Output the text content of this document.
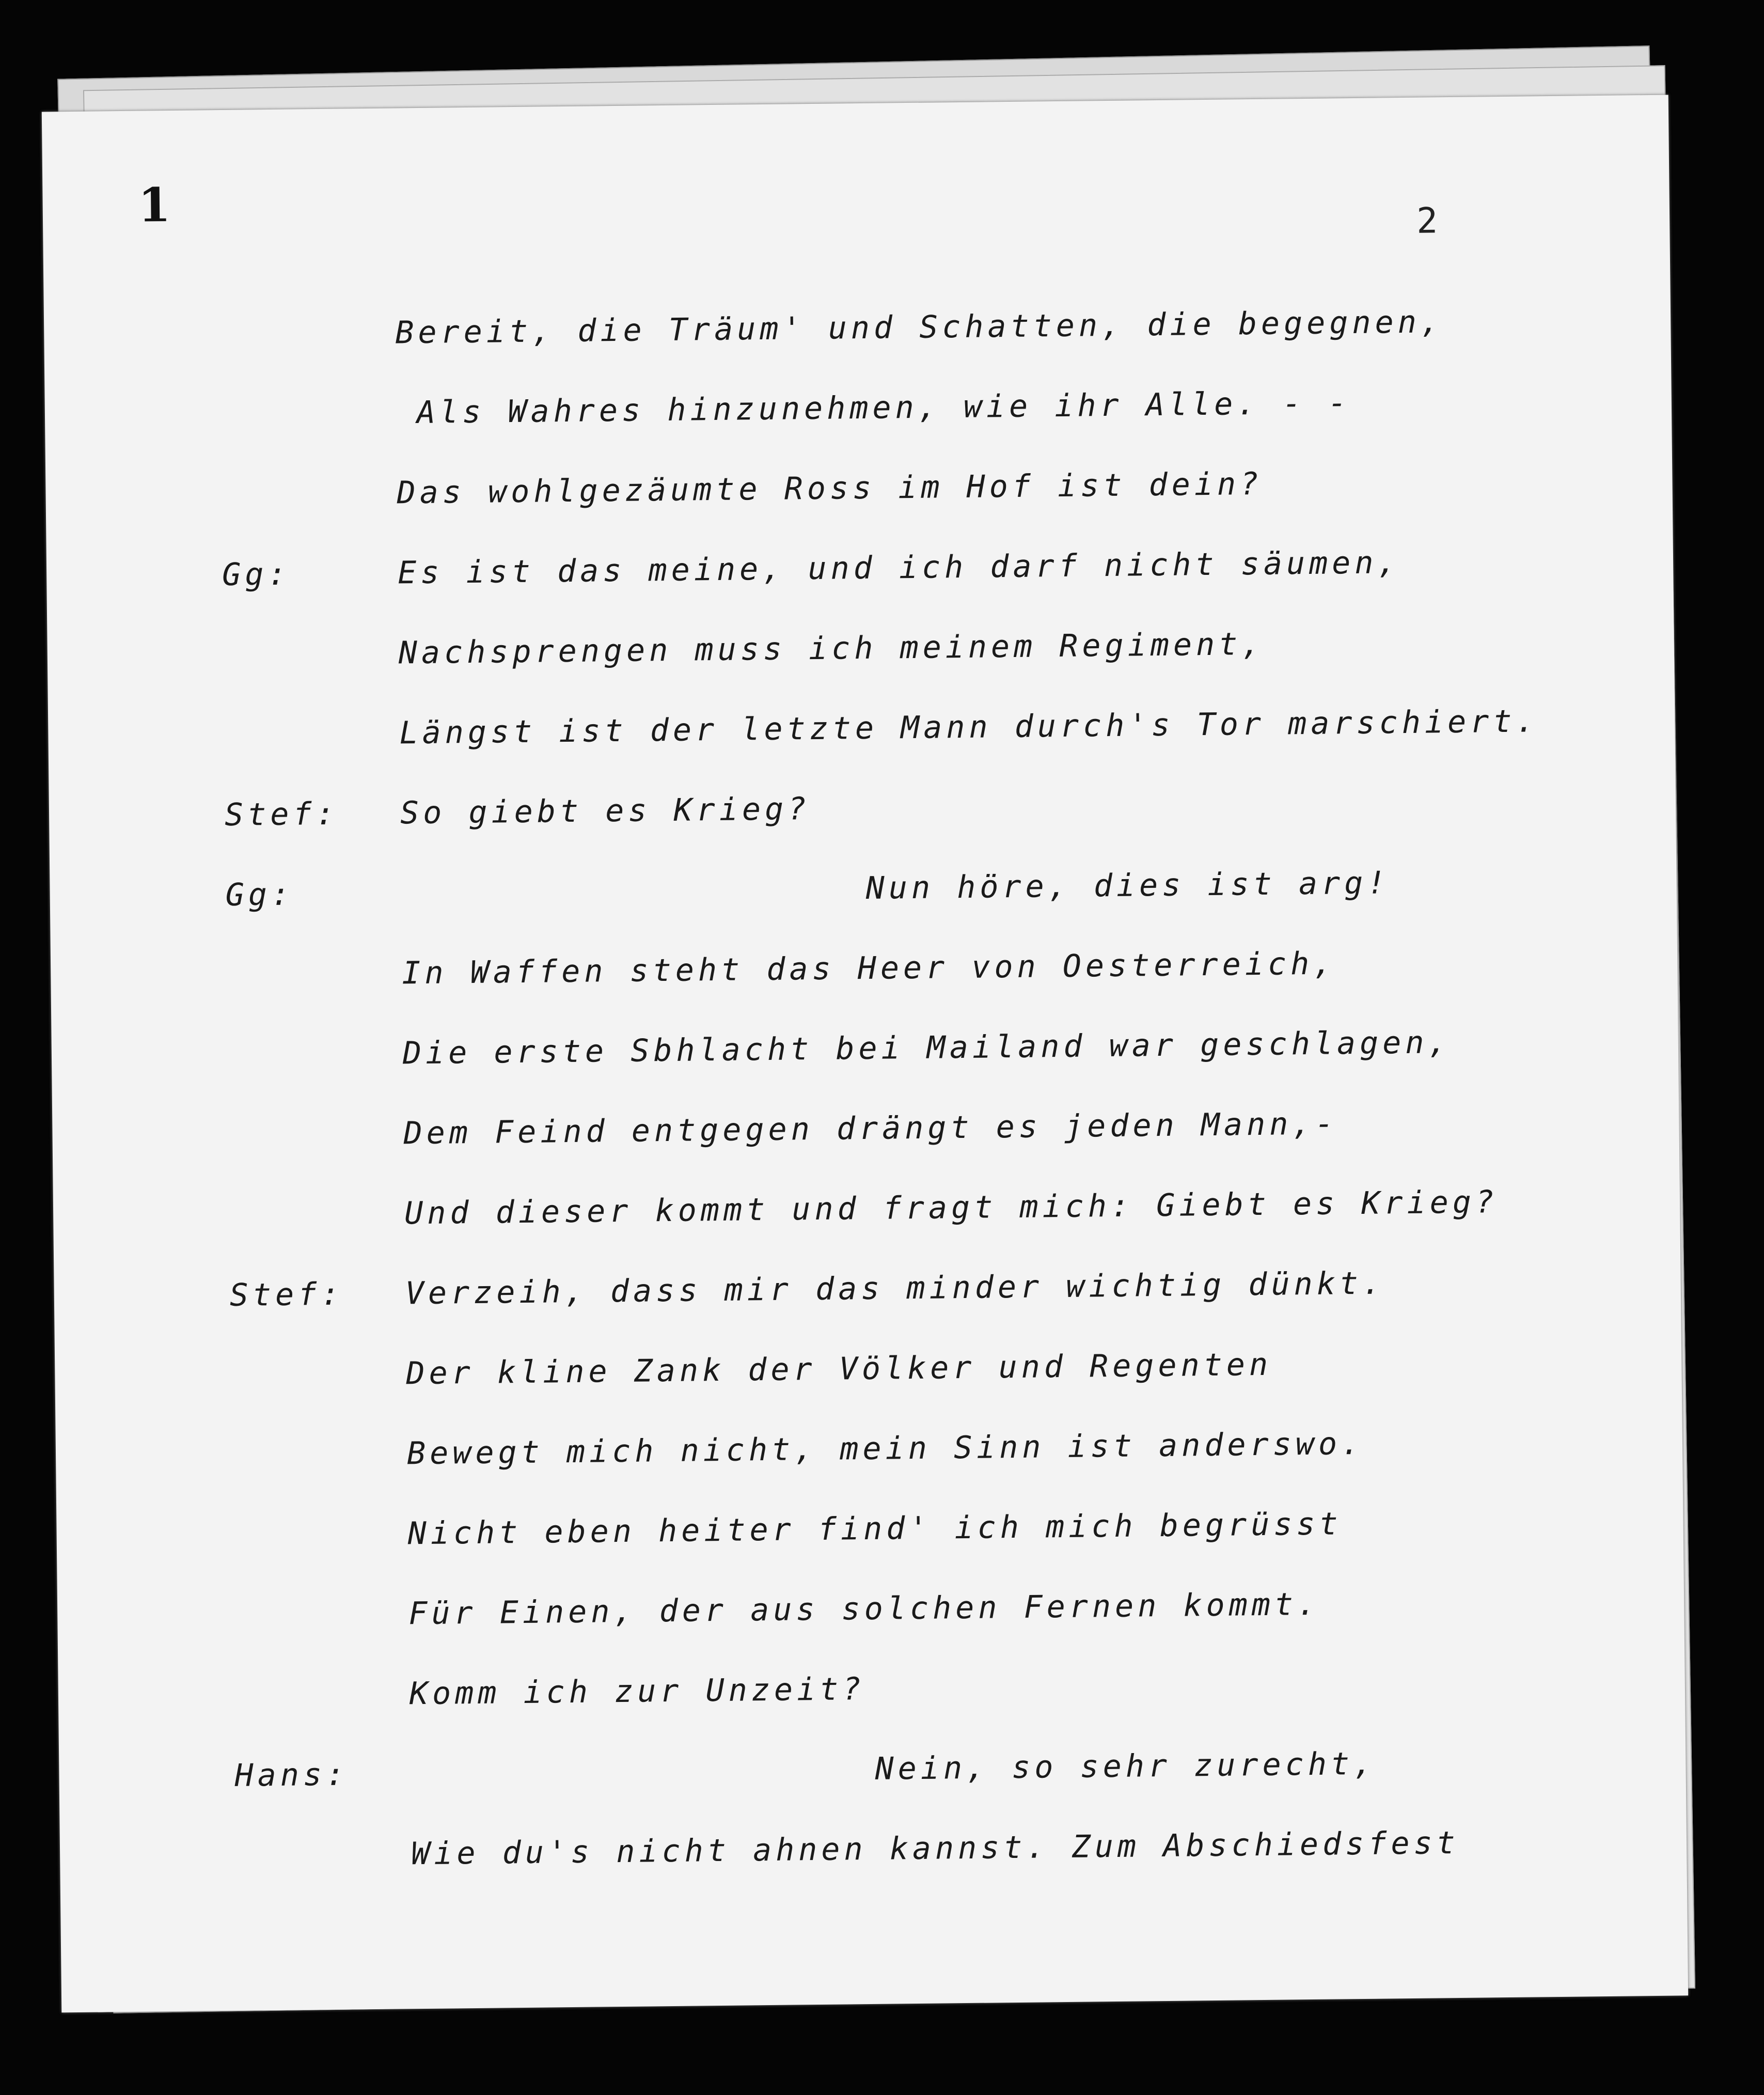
1	2
Bereit, die Träum' und Schatten, die begegnen,
Als Wahres hinzunehmen, wie ihr Alle. - -
Das wohlgezäumte Ross im Hof ist dein?
Gg:	Es ist das meine, und ich darf nicht säumen,
Nachsprengen muss ich meinem Regiment,
Längst ist der letzte Mann durch's Tor marschiert.
Stef: So giebt es Krieg?
Gg:	Nun höre, dies ist arg!
In Waffen steht das Heer von Oesterreich,
Die erste Sbhlacht bei Mailand war geschlagen,
Dem Feind entgegen drängt es jeden Mann,-
Und dieser kommt und fragt mich: Giebt es Krieg?
Stef: Verzeih, dass mir das minder wichtig dünkt.
Der kline Zank der Völker und Regenten
Bewegt mich nicht, mein Sinn ist anderswo.
Nicht eben heiter find' ich mich begrüsst
Für Einen, der aus solchen Fernen kommt.
Komm ich zur Unzeit?
Hans:	Nein, so sehr zurecht,
Wie du's nicht ahnen kannst. Zum Abschiedsfest
